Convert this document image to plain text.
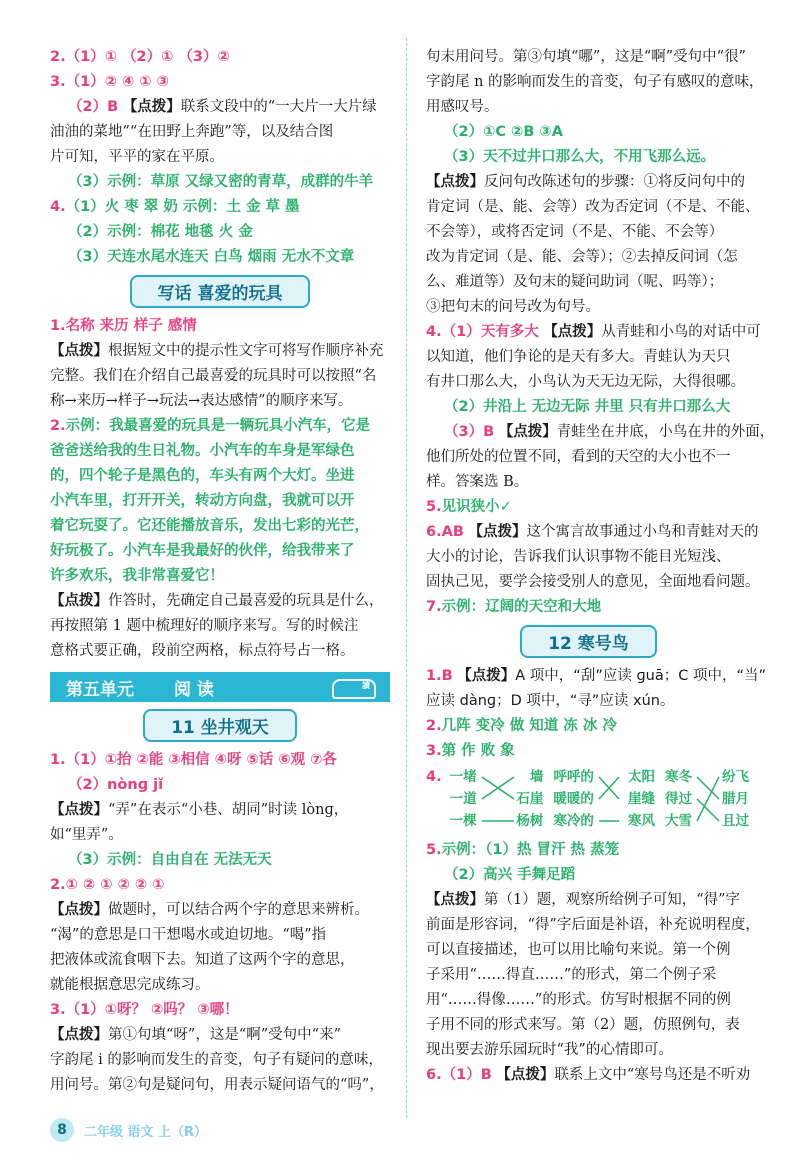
2.（1）① （2）① （3）②
3.（1）② ④ ① ③
（2）B 【点拨】联系文段中的“一大片一大片绿
油油的菜地”“在田野上奔跑”等，以及结合图
片可知，平平的家在平原。
（3）示例：草原 又绿又密的青草，成群的牛羊
4.（1）火 枣 翠 奶 示例：土 金 草 墨
（2）示例：棉花 地毯 火 金
（3）天连水尾水连天 白鸟 烟雨 无水不文章
写话 喜爱的玩具
1.名称 来历 样子 感情
【点拨】根据短文中的提示性文字可将写作顺序补充
完整。我们在介绍自己最喜爱的玩具时可以按照“名
称→来历→样子→玩法→表达感情”的顺序来写。
2.示例：我最喜爱的玩具是一辆玩具小汽车，它是
爸爸送给我的生日礼物。小汽车的车身是军绿色
的，四个轮子是黑色的，车头有两个大灯。坐进
小汽车里，打开开关，转动方向盘，我就可以开
着它玩耍了。它还能播放音乐，发出七彩的光芒，
好玩极了。小汽车是我最好的伙伴，给我带来了
许多欢乐，我非常喜爱它！
【点拨】作答时，先确定自己最喜爱的玩具是什么，
再按照第 1 题中梳理好的顺序来写。写的时候注
意格式要正确，段前空两格，标点符号占一格。
第五单元 阅 读	讀
11 坐井观天
1.（1）①抬 ②能 ③相信 ④呀 ⑤话 ⑥观 ⑦各
（2）nònɡ jǐ
【点拨】“弄”在表示“小巷、胡同”时读 lònɡ，
如“里弄”。
（3）示例：自由自在 无法无天
2.① ② ① ② ② ①
【点拨】做题时，可以结合两个字的意思来辨析。
“渴”的意思是口干想喝水或迫切地。“喝”指
把液体或流食咽下去。知道了这两个字的意思，
就能根据意思完成练习。
3.（1）①呀？ ②吗？ ③哪！
【点拨】第①句填“呀”，这是“啊”受句中“来”
字韵尾 i 的影响而发生的音变，句子有疑问的意味，
用问号。第②句是疑问句，用表示疑问语气的“吗”，
句末用问号。第③句填“哪”，这是“啊”受句中“很”
字韵尾 n 的影响而发生的音变，句子有感叹的意味，
用感叹号。
（2）①C ②B ③A
（3）天不过井口那么大，不用飞那么远。
【点拨】反问句改陈述句的步骤：①将反问句中的
肯定词（是、能、会等）改为否定词（不是、不能、
不会等），或将否定词（不是、不能、不会等）
改为肯定词（是、能、会等）；②去掉反问词（怎
么、难道等）及句末的疑问助词（呢、吗等）；
③把句末的问号改为句号。
4.（1）天有多大 【点拨】从青蛙和小鸟的对话中可
以知道，他们争论的是天有多大。青蛙认为天只
有井口那么大，小鸟认为天无边无际，大得很哪。
（2）井沿上 无边无际 井里 只有井口那么大
（3）B 【点拨】青蛙坐在井底，小鸟在井的外面，
他们所处的位置不同，看到的天空的大小也不一
样。答案选 B。
5.见识狭小✓
6.AB 【点拨】这个寓言故事通过小鸟和青蛙对天的
大小的讨论，告诉我们认识事物不能目光短浅、
固执己见，要学会接受别人的意见，全面地看问题。
7.示例：辽阔的天空和大地
12 寒号鸟
1.B 【点拨】A 项中，“刮”应读 ɡuā；C 项中，“当”
应读 dànɡ；D 项中，“寻”应读 xún。
2.几阵 变冷 做 知道 冻 冰 冷
3.第 作 败 象
4. 一堵
一道
一棵
墙
石崖
杨树
呼呼的
暖暖的
寒冷的
太阳
崖缝
寒风
寒冬
得过
大雪
纷飞
腊月
且过
5.示例：（1）热 冒汗 热 蒸笼
（2）高兴 手舞足蹈
【点拨】第（1）题，观察所给例子可知，“得”字
前面是形容词，“得”字后面是补语，补充说明程度，
可以直接描述，也可以用比喻句来说。第一个例
子采用“……得直……”的形式，第二个例子采
用“……得像……”的形式。仿写时根据不同的例
子用不同的形式来写。第（2）题，仿照例句，表
现出要去游乐园玩时“我”的心情即可。
6.（1）B 【点拨】联系上文中“寒号鸟还是不听劝
8	二年级 语文 上（R）
